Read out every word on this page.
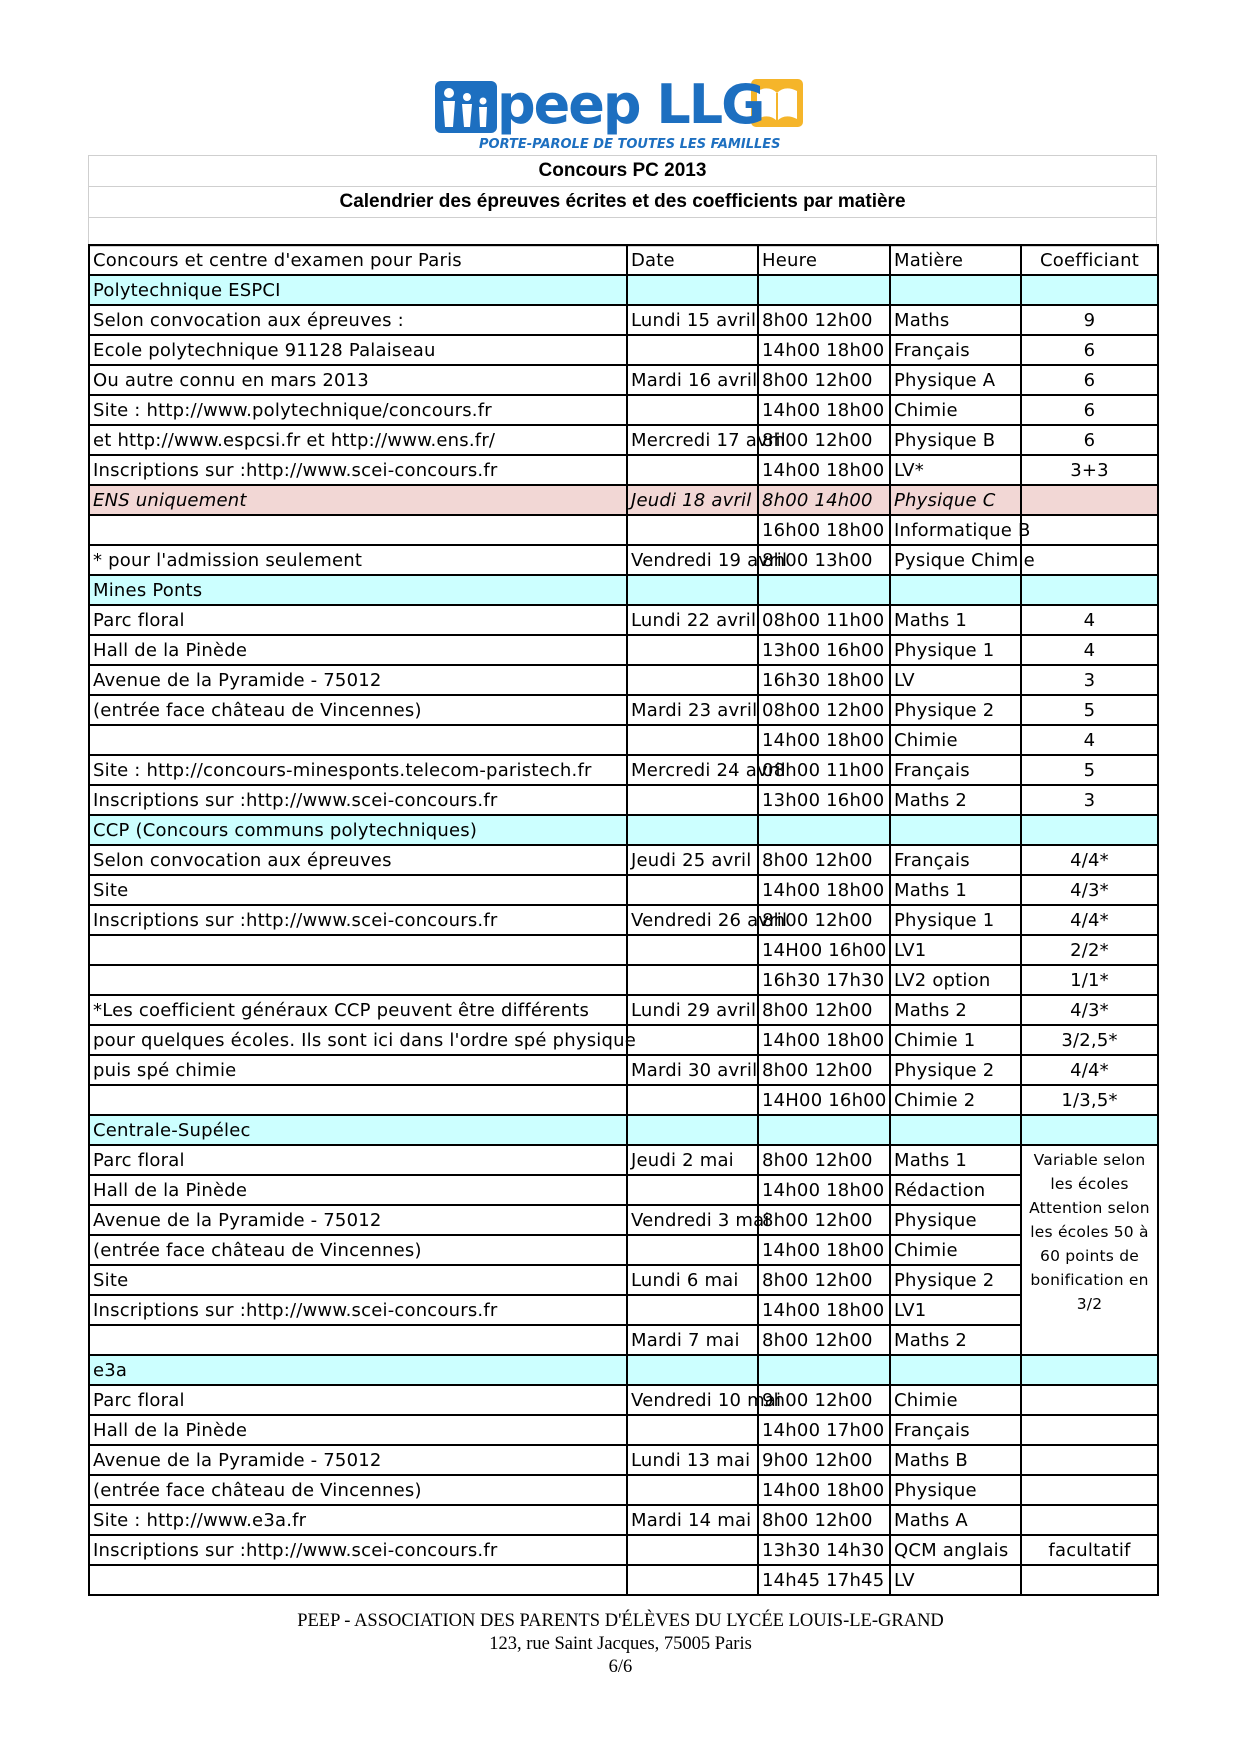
peep LLG
PORTE-PAROLE DE TOUTES LES FAMILLES
Concours PC 2013
Calendrier des épreuves écrites et des coefficients par matière
Concours et centre d'examen pour Paris	Date	Heure	Matière	Coefficiant
Polytechnique ESPCI				
Selon convocation aux épreuves :	Lundi 15 avril	8h00 12h00	Maths	9
Ecole polytechnique 91128 Palaiseau		14h00 18h00	Français	6
Ou autre connu en mars 2013	Mardi 16 avril	8h00 12h00	Physique A	6
Site : http://www.polytechnique/concours.fr		14h00 18h00	Chimie	6
et http://www.espcsi.fr et http://www.ens.fr/	Mercredi 17 avril	8h00 12h00	Physique B	6
Inscriptions sur :http://www.scei-concours.fr		14h00 18h00	LV*	3+3
ENS uniquement	Jeudi 18 avril	8h00 14h00	Physique C	
		16h00 18h00	Informatique B	
* pour l'admission seulement	Vendredi 19 avril	8h00 13h00	Pysique Chimie	
Mines Ponts				
Parc floral	Lundi 22 avril	08h00 11h00	Maths 1	4
Hall de la Pinède		13h00 16h00	Physique 1	4
Avenue de la Pyramide - 75012		16h30 18h00	LV	3
(entrée face château de Vincennes)	Mardi 23 avril	08h00 12h00	Physique 2	5
		14h00 18h00	Chimie	4
Site : http://concours-minesponts.telecom-paristech.fr	Mercredi 24 avril	08h00 11h00	Français	5
Inscriptions sur :http://www.scei-concours.fr		13h00 16h00	Maths 2	3
CCP (Concours communs polytechniques)				
Selon convocation aux épreuves	Jeudi 25 avril	8h00 12h00	Français	4/4*
Site		14h00 18h00	Maths 1	4/3*
Inscriptions sur :http://www.scei-concours.fr	Vendredi 26 avril	8h00 12h00	Physique 1	4/4*
		14H00 16h00	LV1	2/2*
		16h30 17h30	LV2 option	1/1*
*Les coefficient généraux CCP peuvent être différents	Lundi 29 avril	8h00 12h00	Maths 2	4/3*
pour quelques écoles. Ils sont ici dans l'ordre spé physique		14h00 18h00	Chimie 1	3/2,5*
puis spé chimie	Mardi 30 avril	8h00 12h00	Physique 2	4/4*
		14H00 16h00	Chimie 2	1/3,5*
Centrale-Supélec				
Parc floral	Jeudi 2 mai	8h00 12h00	Maths 1	Variable selon les écoles Attention selon les écoles 50 à 60 points de bonification en 3/2
Hall de la Pinède		14h00 18h00	Rédaction	
Avenue de la Pyramide - 75012	Vendredi 3 mai	8h00 12h00	Physique	
(entrée face château de Vincennes)		14h00 18h00	Chimie	
Site	Lundi 6 mai	8h00 12h00	Physique 2	
Inscriptions sur :http://www.scei-concours.fr		14h00 18h00	LV1	
	Mardi 7 mai	8h00 12h00	Maths 2	
e3a				
Parc floral	Vendredi 10 mai	9h00 12h00	Chimie	
Hall de la Pinède		14h00 17h00	Français	
Avenue de la Pyramide - 75012	Lundi 13 mai	9h00 12h00	Maths B	
(entrée face château de Vincennes)		14h00 18h00	Physique	
Site : http://www.e3a.fr	Mardi 14 mai	8h00 12h00	Maths A	
Inscriptions sur :http://www.scei-concours.fr		13h30 14h30	QCM anglais	facultatif
		14h45 17h45	LV	
PEEP - ASSOCIATION DES PARENTS D'ÉLÈVES DU LYCÉE LOUIS-LE-GRAND
123, rue Saint Jacques, 75005 Paris
6/6
